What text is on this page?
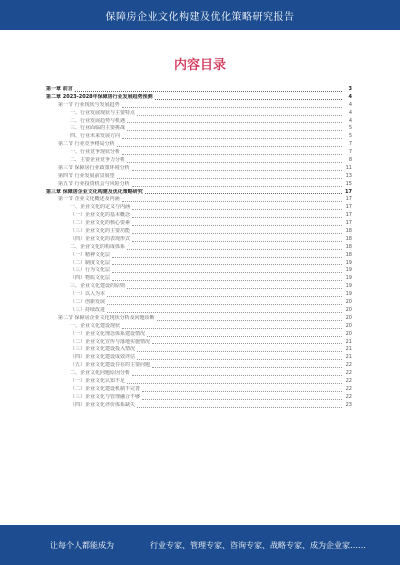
保障房企业文化构建及优化策略研究报告
内容目录
第一章 前言	3
第二章 2023-2028年保障房行业发展趋势预测	4
第一节 行业现状与发展趋势	4
一、行业发展现状与主要特点	4
二、行业发展趋势与机遇	4
三、行业面临的主要挑战	5
四、行业未来发展方向	5
第二节 行业竞争格局分析	7
一、行业竞争现状分析	7
二、主要企业竞争力分析	8
第三节 保障房行业政策环境分析	11
第四节 行业发展前景展望	13
第五节 行业投资机会与风险分析	15
第三章 保障房企业文化构建及优化策略研究	17
第一节 企业文化概述及内涵	17
一、企业文化的定义与内涵	17
（一）企业文化的基本概念	17
（二）企业文化的核心要素	17
（三）企业文化的主要功能	18
（四）企业文化的表现形式	18
二、企业文化的构成体系	18
（一）精神文化层	18
（二）制度文化层	19
（三）行为文化层	19
（四）物质文化层	19
三、企业文化建设的原则	19
（一）以人为本	19
（二）创新发展	20
（三）持续改进	20
第二节 保障房企业文化现状分析及问题诊断	20
一、企业文化建设现状	20
（一）企业文化理念体系建设情况	20
（二）企业文化宣传与落地实施情况	21
（三）企业文化建设投入情况	21
（四）企业文化建设成效评估	21
（五）企业文化建设存在的主要问题	22
二、企业文化问题原因分析	22
（一）企业文化认知不足	22
（二）企业文化建设机制不完善	22
（三）企业文化与管理融合不够	22
（四）企业文化评价体系缺失	23
让每个人都能成为	行业专家、管理专家、咨询专家、战略专家、成为企业家……
